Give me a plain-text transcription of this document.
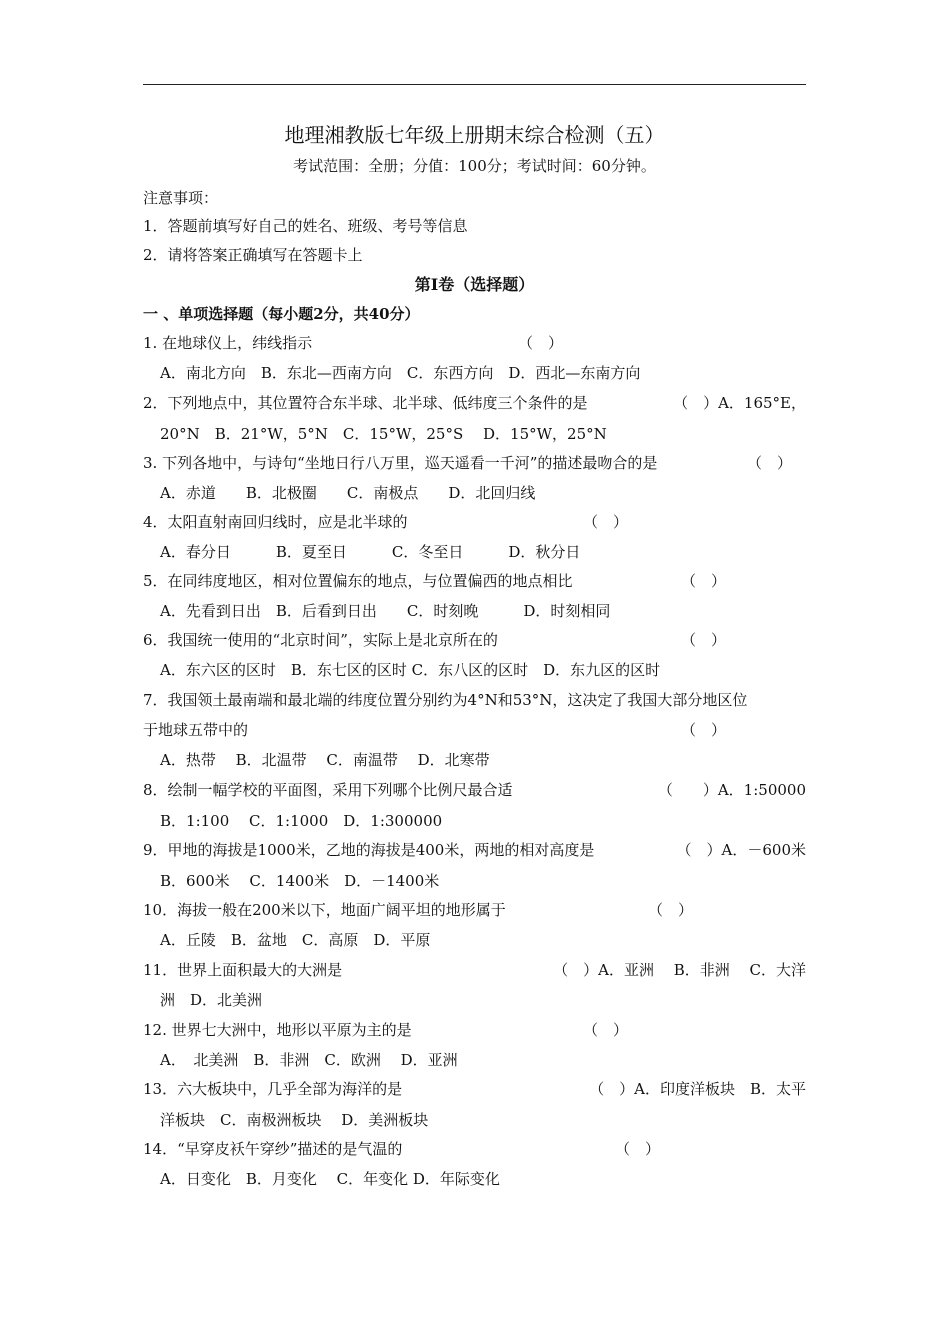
地理湘教版七年级上册期末综合检测（五）
考试范围：全册；分值：100分；考试时间：60分钟。
注意事项：
1．答题前填写好自己的姓名、班级、考号等信息
2．请将答案正确填写在答题卡上
第Ⅰ卷（选择题）
一 、单项选择题（每小题2分，共40分）
1. 在地球仪上，纬线指示	（　）
A．南北方向　B．东北—西南方向　C．东西方向　D．西北—东南方向
2．下列地点中，其位置符合东半球、北半球、低纬度三个条件的是	（　）A．165°E，
20°N　B．21°W，5°N　C．15°W，25°S　 D．15°W，25°N
3. 下列各地中，与诗句“坐地日行八万里，巡天遥看一千河”的描述最吻合的是	（　）
A．赤道　　B．北极圈　　C．南极点　　D．北回归线
4．太阳直射南回归线时，应是北半球的	（　）
A．春分日　　　B．夏至日　　　C．冬至日　　　D．秋分日
5．在同纬度地区，相对位置偏东的地点，与位置偏西的地点相比	（　）
A．先看到日出　B．后看到日出　　C．时刻晚　　　D．时刻相同
6．我国统一使用的“北京时间”，实际上是北京所在的	（　）
A．东六区的区时　B．东七区的区时 C．东八区的区时　D．东九区的区时
7．我国领土最南端和最北端的纬度位置分别约为4°N和53°N，这决定了我国大部分地区位
于地球五带中的	（　）
A．热带　 B．北温带　 C．南温带　 D．北寒带
8．绘制一幅学校的平面图，采用下列哪个比例尺最合适	（　　）A．1:50000
B．1:100　 C．1:1000　D．1:300000
9．甲地的海拔是1000米，乙地的海拔是400米，两地的相对高度是	（　）A．－600米
B．600米　 C．1400米　D．－1400米
10．海拔一般在200米以下，地面广阔平坦的地形属于	（　）
A．丘陵　B．盆地　C．高原　D．平原
11．世界上面积最大的大洲是	（　）A．亚洲　 B．非洲　 C．大洋
洲　D．北美洲
12. 世界七大洲中，地形以平原为主的是	（　）
A．　北美洲　B．非洲　C．欧洲　 D．亚洲
13．六大板块中，几乎全部为海洋的是	（　）A．印度洋板块　B．太平
洋板块　C．南极洲板块　 D．美洲板块
14．“早穿皮袄午穿纱”描述的是气温的	（　）
A．日变化　B．月变化　 C．年变化 D．年际变化
